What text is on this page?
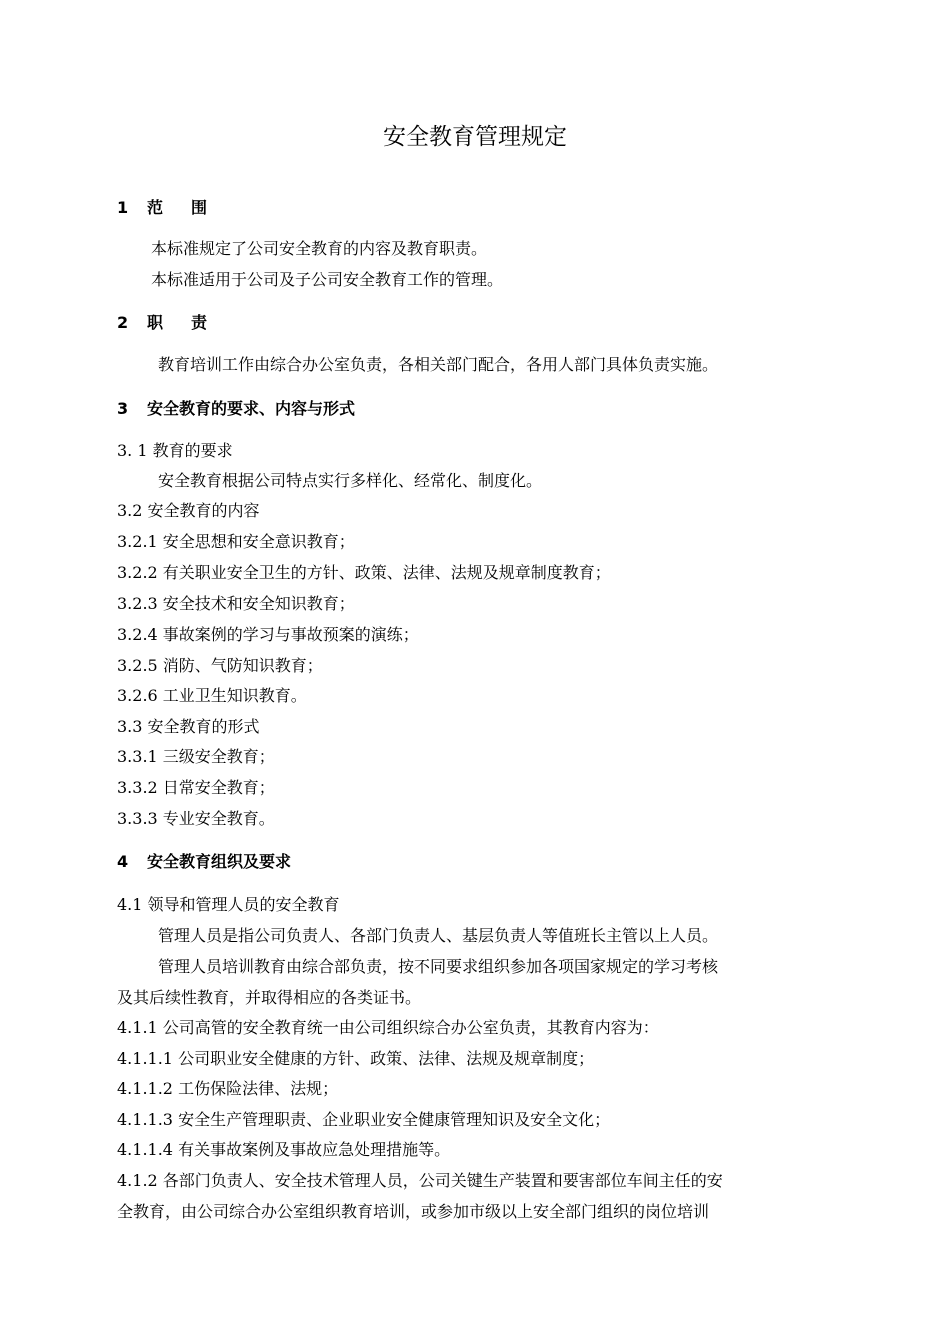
安全教育管理规定
1 范 围
本标准规定了公司安全教育的内容及教育职责。
本标准适用于公司及子公司安全教育工作的管理。
2 职 责
教育培训工作由综合办公室负责，各相关部门配合，各用人部门具体负责实施。
3 安全教育的要求、内容与形式
3. 1 教育的要求
安全教育根据公司特点实行多样化、经常化、制度化。
3.2 安全教育的内容
3.2.1 安全思想和安全意识教育；
3.2.2 有关职业安全卫生的方针、政策、法律、法规及规章制度教育；
3.2.3 安全技术和安全知识教育；
3.2.4 事故案例的学习与事故预案的演练；
3.2.5 消防、气防知识教育；
3.2.6 工业卫生知识教育。
3.3 安全教育的形式
3.3.1 三级安全教育；
3.3.2 日常安全教育；
3.3.3 专业安全教育。
4 安全教育组织及要求
4.1 领导和管理人员的安全教育
管理人员是指公司负责人、各部门负责人、基层负责人等值班长主管以上人员。
管理人员培训教育由综合部负责，按不同要求组织参加各项国家规定的学习考核
及其后续性教育，并取得相应的各类证书。
4.1.1 公司高管的安全教育统一由公司组织综合办公室负责，其教育内容为：
4.1.1.1 公司职业安全健康的方针、政策、法律、法规及规章制度；
4.1.1.2 工伤保险法律、法规；
4.1.1.3 安全生产管理职责、企业职业安全健康管理知识及安全文化；
4.1.1.4 有关事故案例及事故应急处理措施等。
4.1.2 各部门负责人、安全技术管理人员，公司关键生产装置和要害部位车间主任的安
全教育，由公司综合办公室组织教育培训，或参加市级以上安全部门组织的岗位培训
